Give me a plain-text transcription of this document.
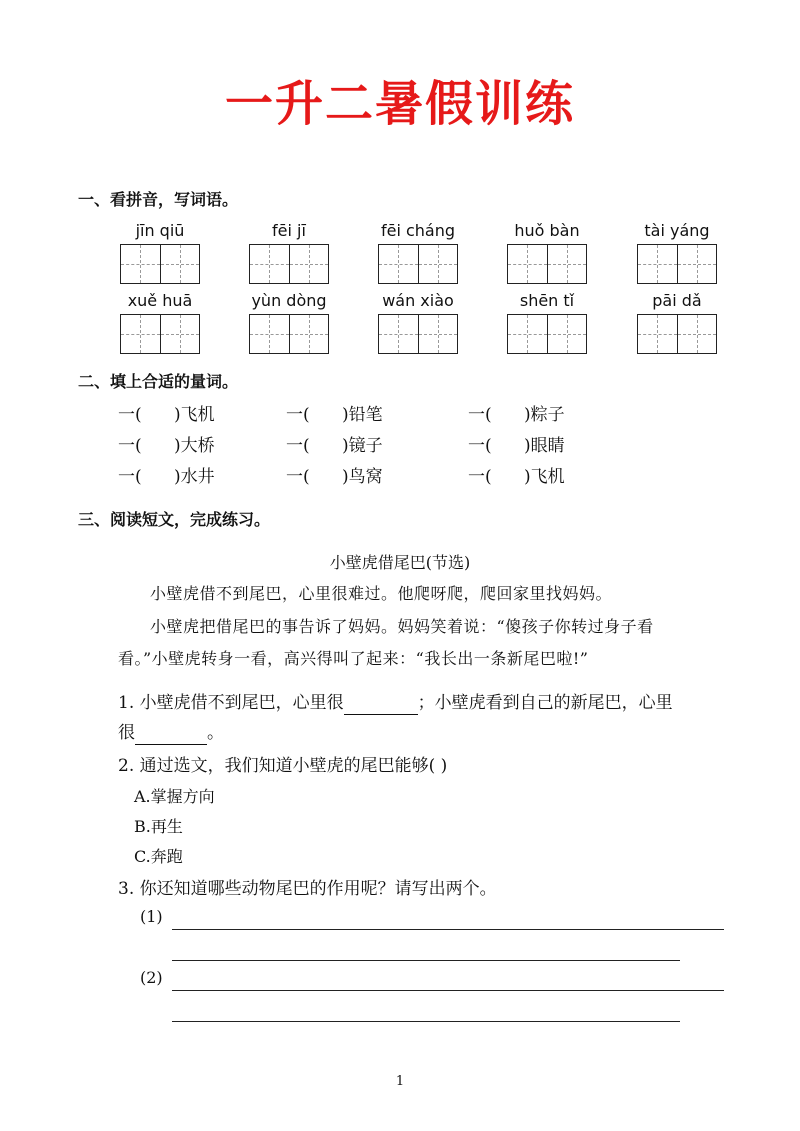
一升二暑假训练
一、看拼音，写词语。
jīn qiū	fēi jī	fēi cháng	huǒ bàn	tài yáng
xuě huā	yùn dòng	wán xiào	shēn tǐ	pāi dǎ
二、填上合适的量词。
一(      )飞机	一(      )铅笔	一(      )粽子
一(      )大桥	一(      )镜子	一(      )眼睛
一(      )水井	一(      )鸟窝	一(      )飞机
三、阅读短文，完成练习。
小壁虎借尾巴(节选)
小壁虎借不到尾巴，心里很难过。他爬呀爬，爬回家里找妈妈。
小壁虎把借尾巴的事告诉了妈妈。妈妈笑着说：“傻孩子你转过身子看
看。”小壁虎转身一看，高兴得叫了起来：“我长出一条新尾巴啦!”
1. 小壁虎借不到尾巴，心里很	；小壁虎看到自己的新尾巴，心里
很	。
2. 通过选文，我们知道小壁虎的尾巴能够( )
A.掌握方向
B.再生
C.奔跑
3. 你还知道哪些动物尾巴的作用呢？请写出两个。
(1)
(2)
1
